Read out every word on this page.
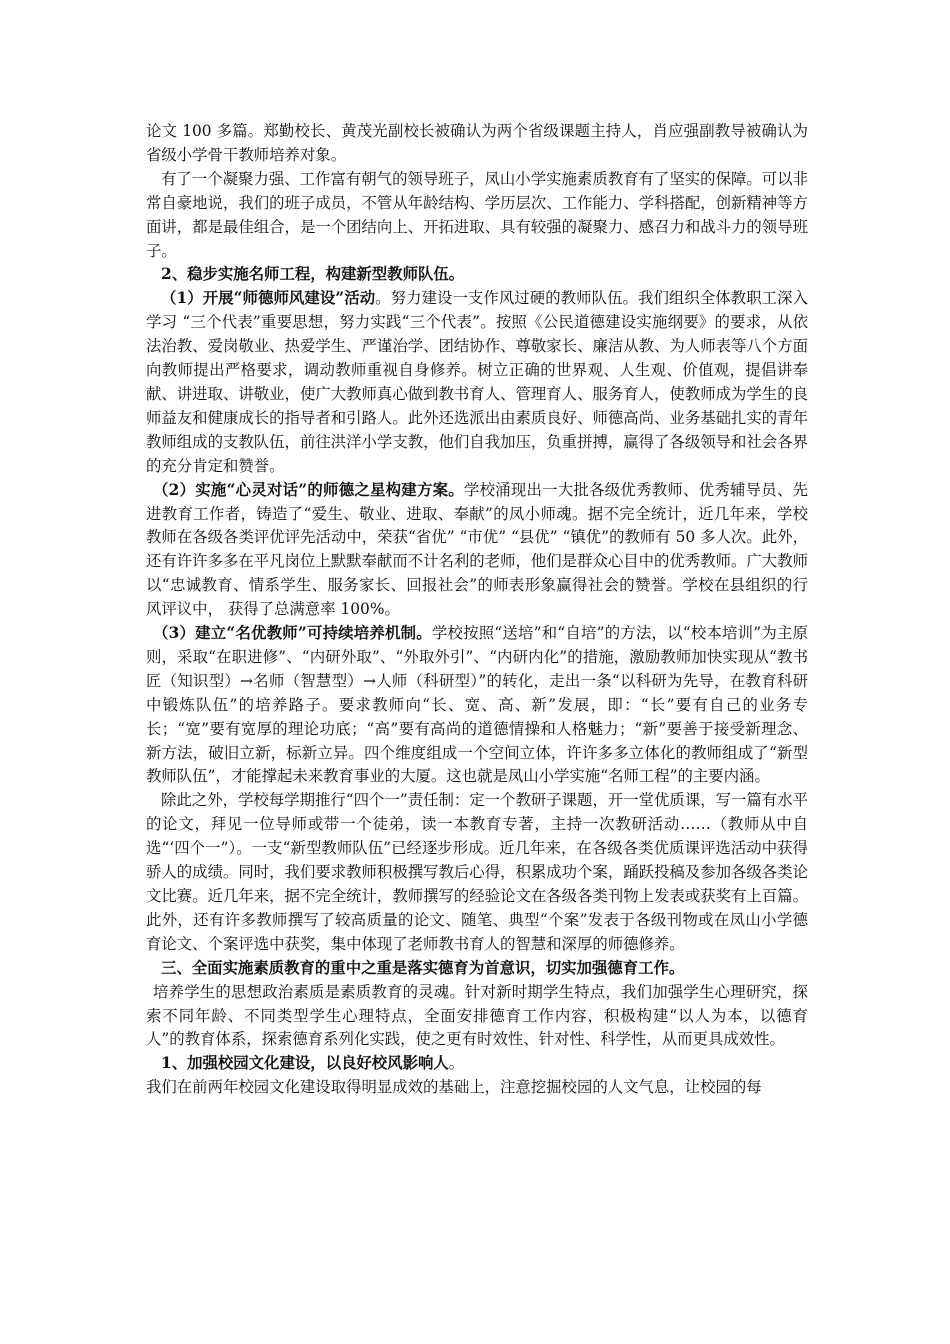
论文 100 多篇。郑勤校长、黄茂光副校长被确认为两个省级课题主持人，肖应强副教导被确认为省级小学骨干教师培养对象。

有了一个凝聚力强、工作富有朝气的领导班子，凤山小学实施素质教育有了坚实的保障。可以非常自豪地说，我们的班子成员，不管从年龄结构、学历层次、工作能力、学科搭配，创新精神等方面讲，都是最佳组合，是一个团结向上、开拓进取、具有较强的凝聚力、感召力和战斗力的领导班子。

2、稳步实施名师工程，构建新型教师队伍。

（1）开展“师德师风建设”活动。努力建设一支作风过硬的教师队伍。我们组织全体教职工深入学习 “三个代表”重要思想，努力实践“三个代表”。按照《公民道德建设实施纲要》的要求，从依法治教、爱岗敬业、热爱学生、严谨治学、团结协作、尊敬家长、廉洁从教、为人师表等八个方面向教师提出严格要求，调动教师重视自身修养。树立正确的世界观、人生观、价值观，提倡讲奉献、讲进取、讲敬业，使广大教师真心做到教书育人、管理育人、服务育人，使教师成为学生的良师益友和健康成长的指导者和引路人。此外还选派出由素质良好、师德高尚、业务基础扎实的青年教师组成的支教队伍，前往洪洋小学支教，他们自我加压，负重拼搏，赢得了各级领导和社会各界的充分肯定和赞誉。

（2）实施“心灵对话”的师德之星构建方案。学校涌现出一大批各级优秀教师、优秀辅导员、先进教育工作者，铸造了“爱生、敬业、进取、奉献”的凤小师魂。据不完全统计，近几年来，学校教师在各级各类评优评先活动中，荣获“省优” “市优” “县优” “镇优”的教师有 50 多人次。此外，还有许许多多在平凡岗位上默默奉献而不计名利的老师，他们是群众心目中的优秀教师。广大教师以“忠诚教育、情系学生、服务家长、回报社会”的师表形象赢得社会的赞誉。学校在县组织的行风评议中， 获得了总满意率 100%。

（3）建立“名优教师”可持续培养机制。学校按照“送培”和“自培”的方法，以“校本培训”为主原则，采取“在职进修”、“内研外取”、“外取外引”、“内研内化”的措施，激励教师加快实现从“教书匠（知识型）→名师（智慧型）→人师（科研型）”的转化，走出一条“以科研为先导，在教育科研中锻炼队伍”的培养路子。要求教师向“长、宽、高、新”发展，即：“长”要有自己的业务专长；“宽”要有宽厚的理论功底；“高”要有高尚的道德情操和人格魅力；“新”要善于接受新理念、新方法，破旧立新，标新立异。四个维度组成一个空间立体，许许多多立体化的教师组成了“新型教师队伍”，才能撑起未来教育事业的大厦。这也就是凤山小学实施“名师工程”的主要内涵。

除此之外，学校每学期推行“四个一”责任制：定一个教研子课题，开一堂优质课，写一篇有水平的论文，拜见一位导师或带一个徒弟，读一本教育专著，主持一次教研活动……（教师从中自选“‘四个一”）。一支“新型教师队伍”已经逐步形成。近几年来，在各级各类优质课评选活动中获得骄人的成绩。同时，我们要求教师积极撰写教后心得，积累成功个案，踊跃投稿及参加各级各类论文比赛。近几年来，据不完全统计，教师撰写的经验论文在各级各类刊物上发表或获奖有上百篇。此外，还有许多教师撰写了较高质量的论文、随笔、典型“个案”发表于各级刊物或在凤山小学德育论文、个案评选中获奖，集中体现了老师教书育人的智慧和深厚的师德修养。

三、全面实施素质教育的重中之重是落实德育为首意识，切实加强德育工作。

培养学生的思想政治素质是素质教育的灵魂。针对新时期学生特点，我们加强学生心理研究，探索不同年龄、不同类型学生心理特点，全面安排德育工作内容，积极构建“以人为本，以德育人”的教育体系，探索德育系列化实践，使之更有时效性、针对性、科学性，从而更具成效性。

1、加强校园文化建设，以良好校风影响人。

我们在前两年校园文化建设取得明显成效的基础上，注意挖掘校园的人文气息，让校园的每
